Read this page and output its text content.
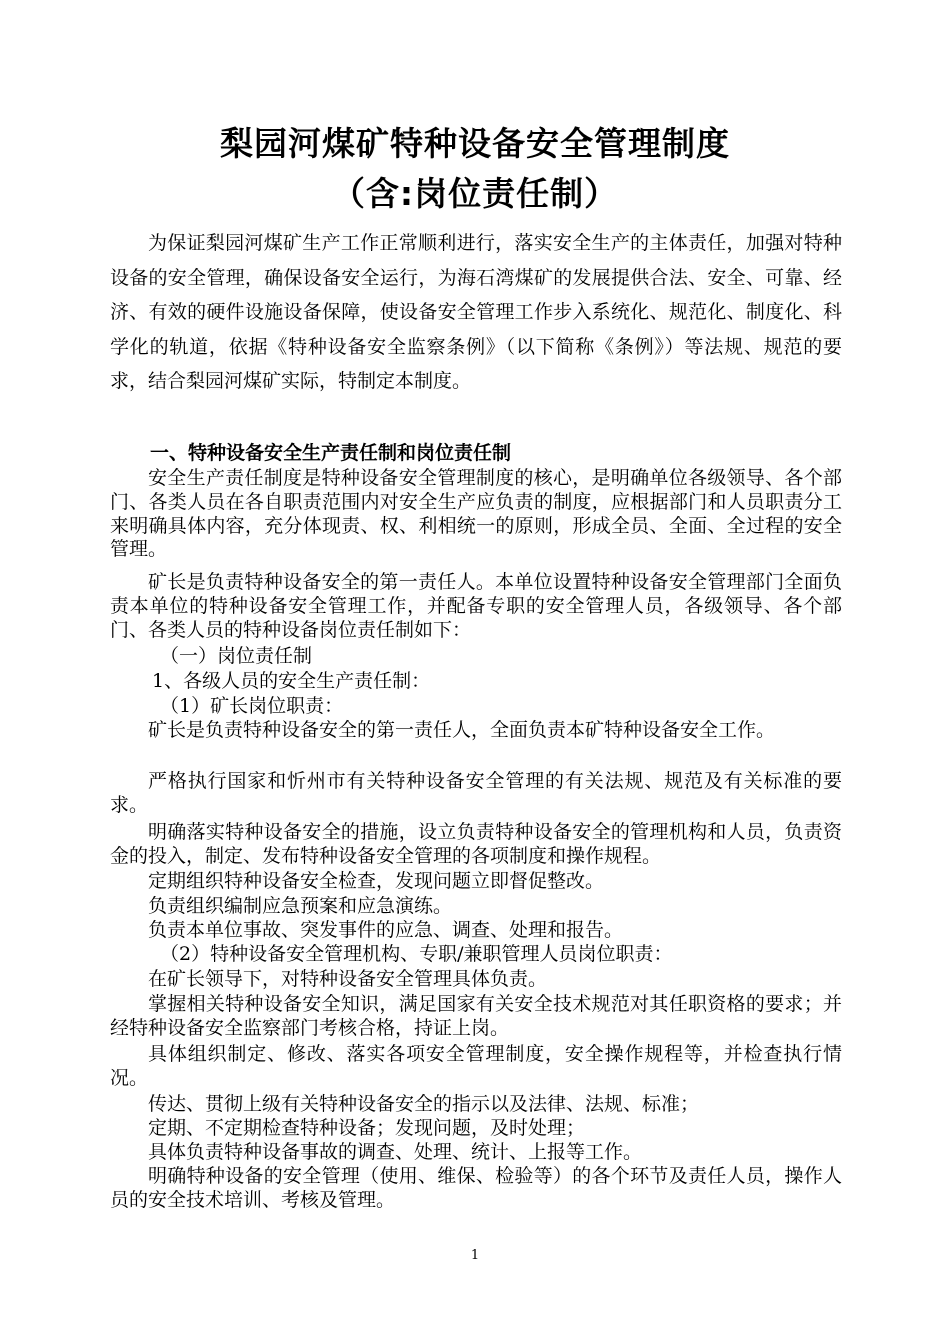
梨园河煤矿特种设备安全管理制度
（含:岗位责任制）

为保证梨园河煤矿生产工作正常顺利进行，落实安全生产的主体责任，加强对特种设备的安全管理，确保设备安全运行，为海石湾煤矿的发展提供合法、安全、可靠、经济、有效的硬件设施设备保障，使设备安全管理工作步入系统化、规范化、制度化、科学化的轨道，依据《特种设备安全监察条例》（以下简称《条例》）等法规、规范的要求，结合梨园河煤矿实际，特制定本制度。

一、特种设备安全生产责任制和岗位责任制

安全生产责任制度是特种设备安全管理制度的核心，是明确单位各级领导、各个部门、各类人员在各自职责范围内对安全生产应负责的制度，应根据部门和人员职责分工来明确具体内容，充分体现责、权、利相统一的原则，形成全员、全面、全过程的安全管理。

矿长是负责特种设备安全的第一责任人。本单位设置特种设备安全管理部门全面负责本单位的特种设备安全管理工作，并配备专职的安全管理人员，各级领导、各个部门、各类人员的特种设备岗位责任制如下：

（一）岗位责任制

1、各级人员的安全生产责任制：

（1）矿长岗位职责：

矿长是负责特种设备安全的第一责任人，全面负责本矿特种设备安全工作。

严格执行国家和忻州市有关特种设备安全管理的有关法规、规范及有关标准的要求。

明确落实特种设备安全的措施，设立负责特种设备安全的管理机构和人员，负责资金的投入，制定、发布特种设备安全管理的各项制度和操作规程。

定期组织特种设备安全检查，发现问题立即督促整改。

负责组织编制应急预案和应急演练。

负责本单位事故、突发事件的应急、调查、处理和报告。

（2）特种设备安全管理机构、专职/兼职管理人员岗位职责：

在矿长领导下，对特种设备安全管理具体负责。

掌握相关特种设备安全知识，满足国家有关安全技术规范对其任职资格的要求；并经特种设备安全监察部门考核合格，持证上岗。

具体组织制定、修改、落实各项安全管理制度，安全操作规程等，并检查执行情况。

传达、贯彻上级有关特种设备安全的指示以及法律、法规、标准；

定期、不定期检查特种设备；发现问题，及时处理；

具体负责特种设备事故的调查、处理、统计、上报等工作。

明确特种设备的安全管理（使用、维保、检验等）的各个环节及责任人员，操作人员的安全技术培训、考核及管理。

1
